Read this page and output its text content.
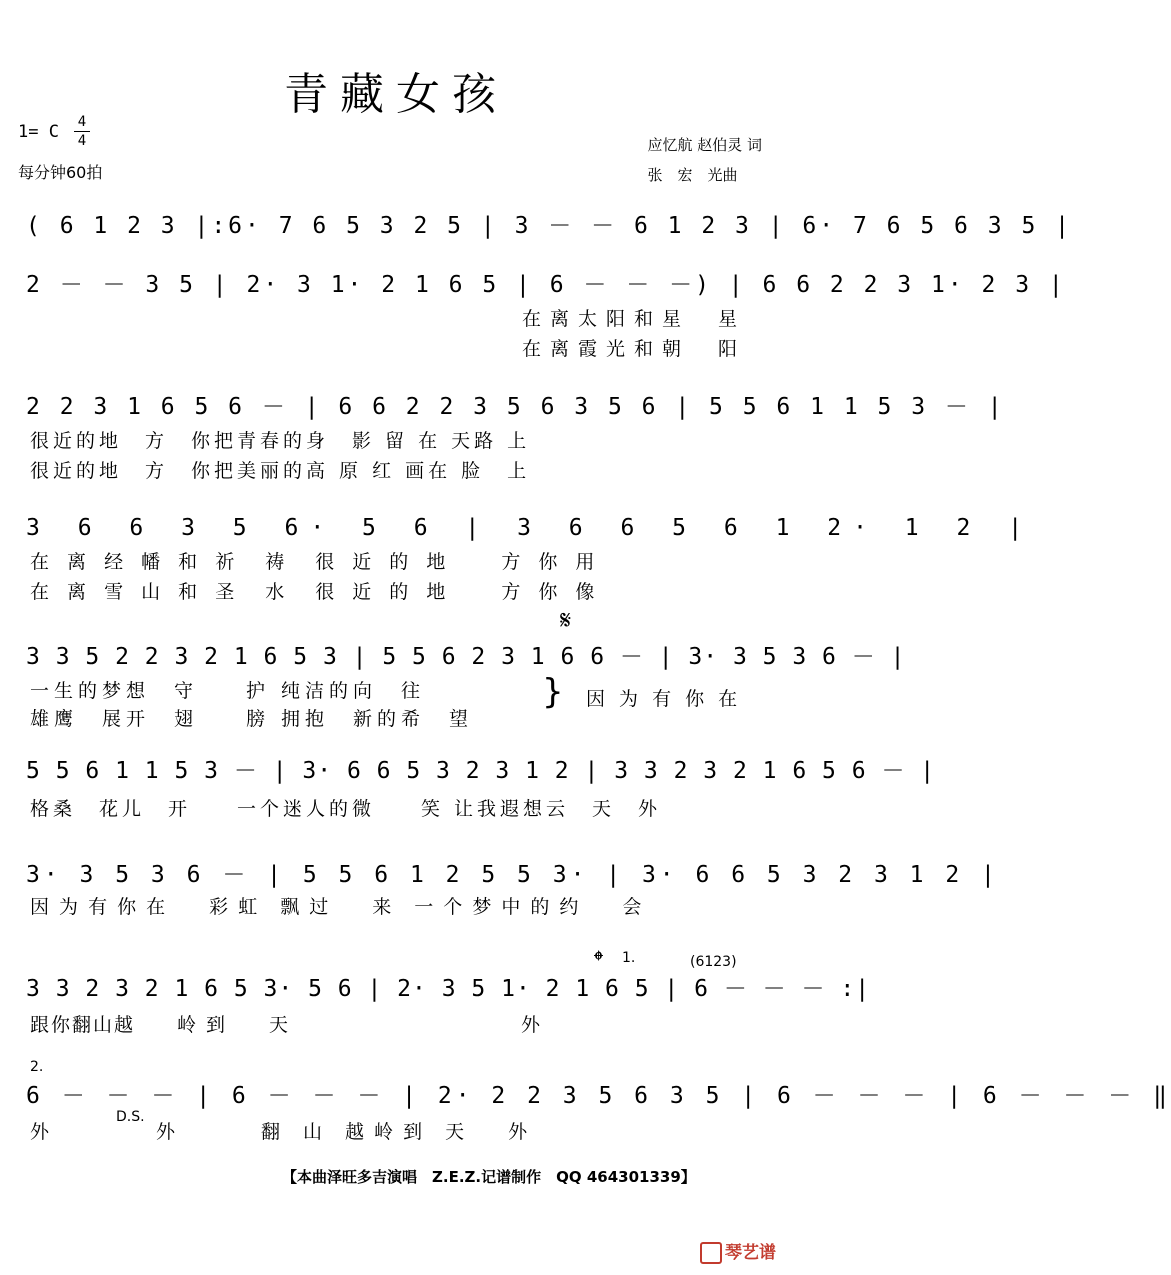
青藏女孩
1= C	4
4
每分钟60拍
应忆航 赵伯灵 词
张　宏　光曲
( 6 1 2 3 |:6· 7 6 5 3 2 5 | 3 － － 6 1 2 3 | 6· 7 6 5 6 3 5 |
2 － － 3 5 | 2· 3 1· 2 1 6 5 | 6 － － －) | 6 6 2 2 3 1· 2 3 |
在离太阳和星　星
在离霞光和朝　阳
2 2 3 1 6 5 6 － | 6 6 2 2 3 5 6 3 5 6 | 5 5 6 1 1 5 3 － |
很近的地　方　你把青春的身　影 留 在 天路 上
很近的地　方　你把美丽的高 原 红 画在 脸　上
3 6 6 3 5 6· 5 6 | 3 6 6 5 6 1 2· 1 2 |
在 离 经 幡 和 祈　祷　很 近 的 地　　方 你 用
在 离 雪 山 和 圣　水　很 近 的 地　　方 你 像
𝄋
3 3 5 2 2 3 2 1 6 5 3 | 5 5 6 2 3 1 6 6 － | 3· 3 5 3 6 － |
一生的梦想　守　　护 纯洁的向　往
雄鹰　展开　翅　　膀 拥抱　新的希　望
} 因 为 有 你 在
5 5 6 1 1 5 3 － | 3· 6 6 5 3 2 3 1 2 | 3 3 2 3 2 1 6 5 6 － |
格桑　花儿　开　　一个迷人的微　　笑 让我遐想云　天　外
3· 3 5 3 6 － | 5 5 6 1 2 5 5 3· | 3· 6 6 5 3 2 3 1 2 |
因 为 有 你 在　　彩 虹　飘 过　　来　一 个 梦 中 的 约　　会
1.	(6123)
𝄌
3 3 2 3 2 1 6 5 3· 5 6 | 2· 3 5 1· 2 1 6 5 | 6 － － － :|
跟你翻山越　　岭 到　　天　　　　　　　　　　　外
2.
6 － － － | 6 － － － | 2· 2 2 3 5 6 3 5 | 6 － － － | 6 － － － ‖
外　　　　　外　　　　翻　山　越 岭 到　天　　外
D.S.
【本曲泽旺多吉演唱　Z.E.Z.记谱制作　QQ 464301339】
琴艺谱
